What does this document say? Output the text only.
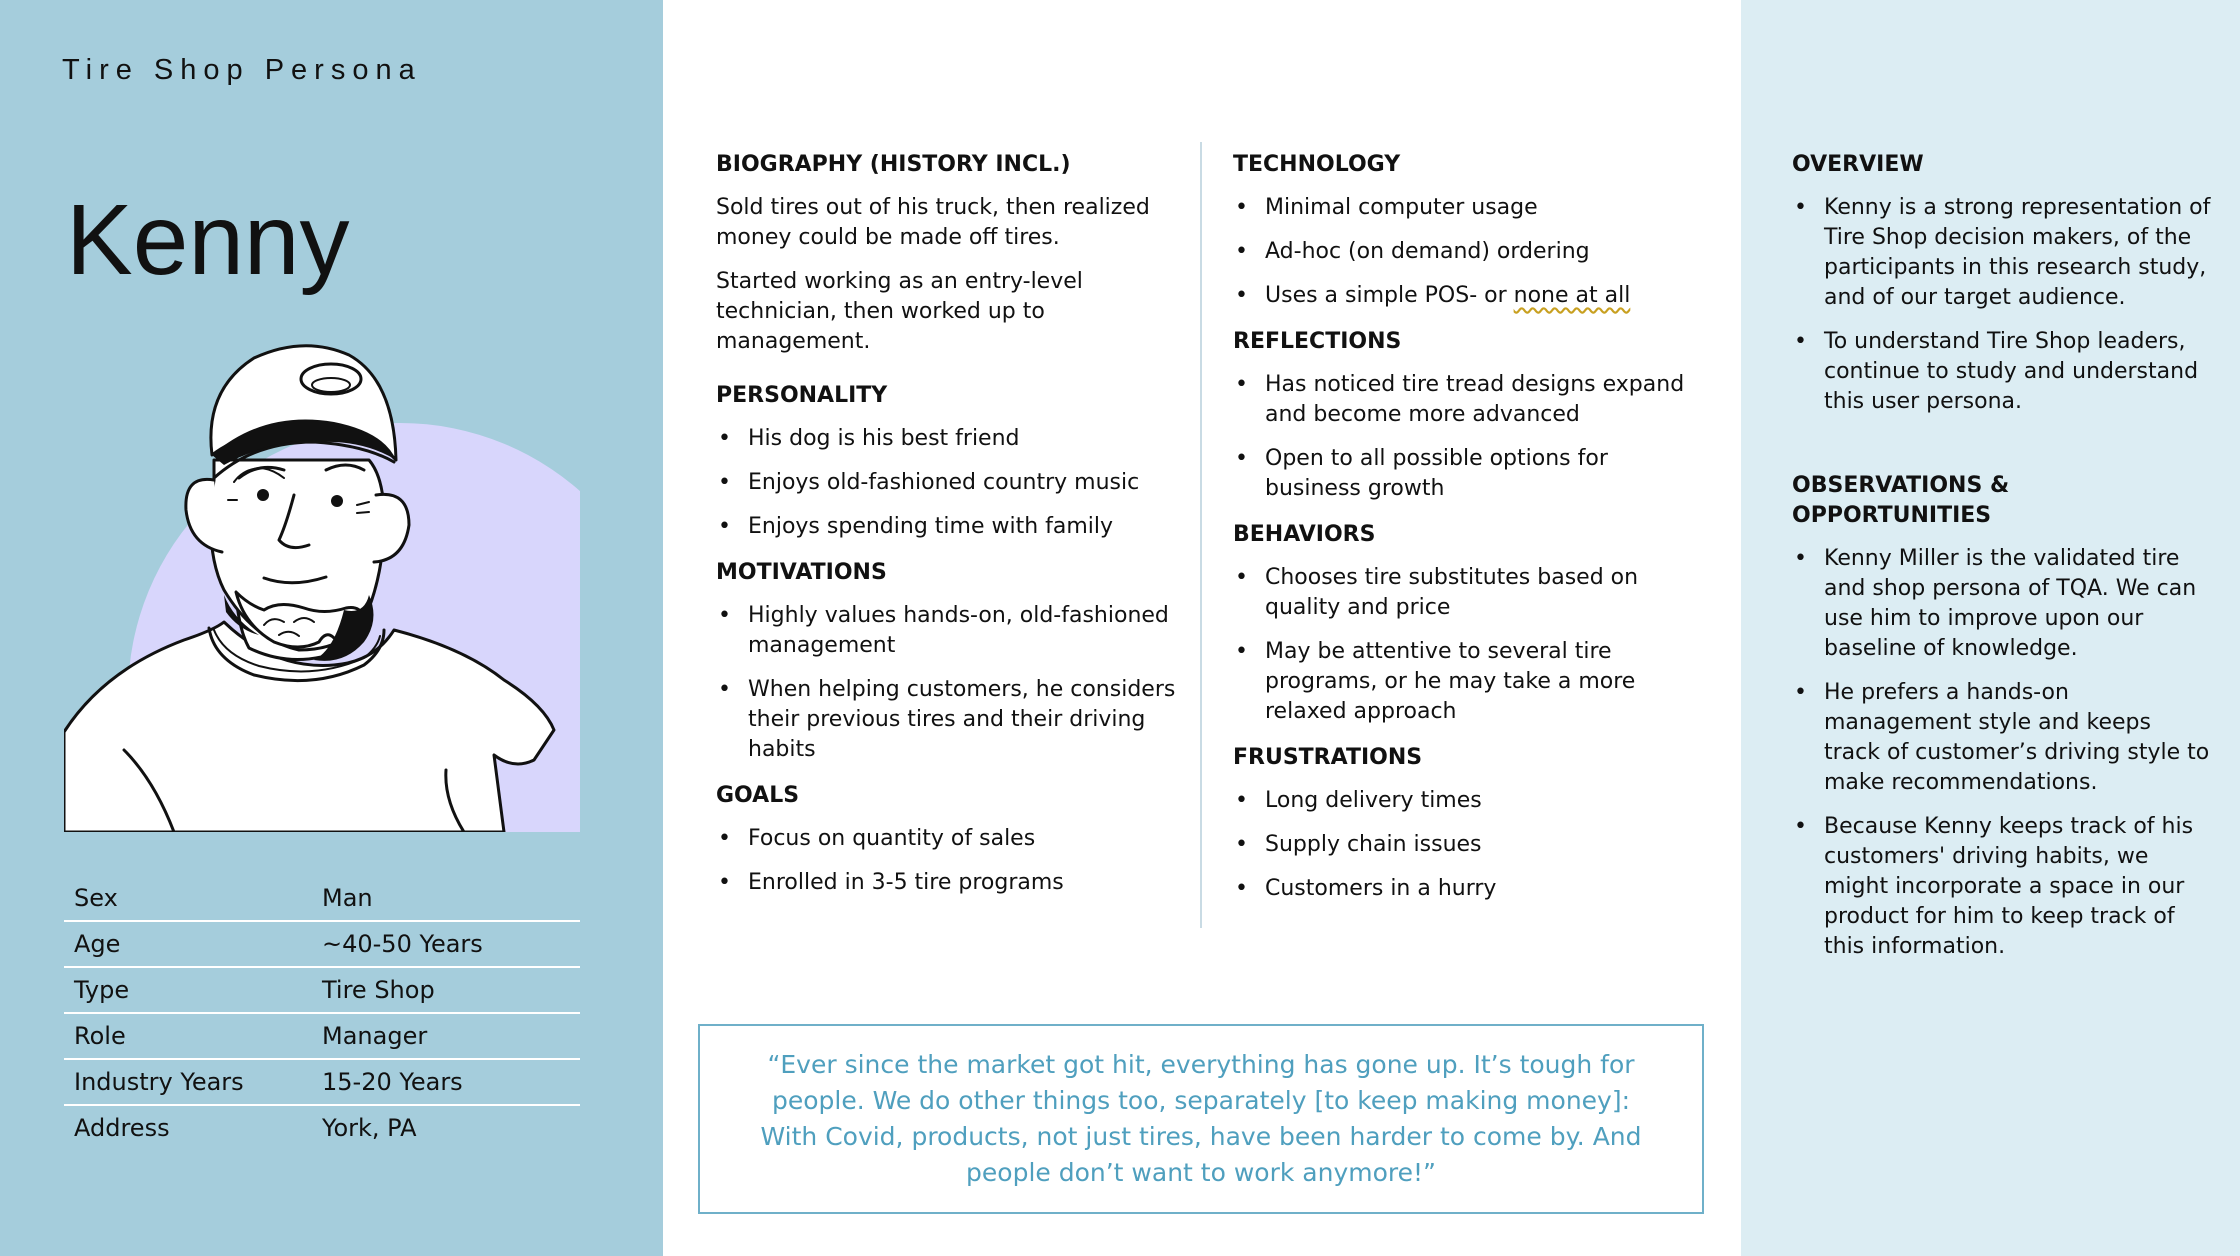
Tire Shop Persona
Kenny
Sex	Man
Age	~40-50 Years
Type	Tire Shop
Role	Manager
Industry Years	15-20 Years
Address	York, PA
BIOGRAPHY (HISTORY INCL.)

Sold tires out of his truck, then realized money could be made off tires.

Started working as an entry-level technician, then worked up to management.

PERSONALITY
• His dog is his best friend
• Enjoys old-fashioned country music
• Enjoys spending time with family
MOTIVATIONS
• Highly values hands-on, old-fashioned management
• When helping customers, he considers their previous tires and their driving habits
GOALS
• Focus on quantity of sales
• Enrolled in 3-5 tire programs
TECHNOLOGY
• Minimal computer usage
• Ad-hoc (on demand) ordering
• Uses a simple POS- or none at all
REFLECTIONS
• Has noticed tire tread designs expand and become more advanced
• Open to all possible options for business growth
BEHAVIORS
• Chooses tire substitutes based on quality and price
• May be attentive to several tire programs, or he may take a more relaxed approach
FRUSTRATIONS
• Long delivery times
• Supply chain issues
• Customers in a hurry
OVERVIEW
• Kenny is a strong representation of Tire Shop decision makers, of the participants in this research study, and of our target audience.
• To understand Tire Shop leaders, continue to study and understand this user persona.
OBSERVATIONS & OPPORTUNITIES
• Kenny Miller is the validated tire and shop persona of TQA. We can use him to improve upon our baseline of knowledge.
• He prefers a hands-on management style and keeps track of customer’s driving style to make recommendations.
• Because Kenny keeps track of his customers' driving habits, we might incorporate a space in our product for him to keep track of this information.
“Ever since the market got hit, everything has gone up. It’s tough for people. We do other things too, separately [to keep making money]: With Covid, products, not just tires, have been harder to come by. And people don’t want to work anymore!”
